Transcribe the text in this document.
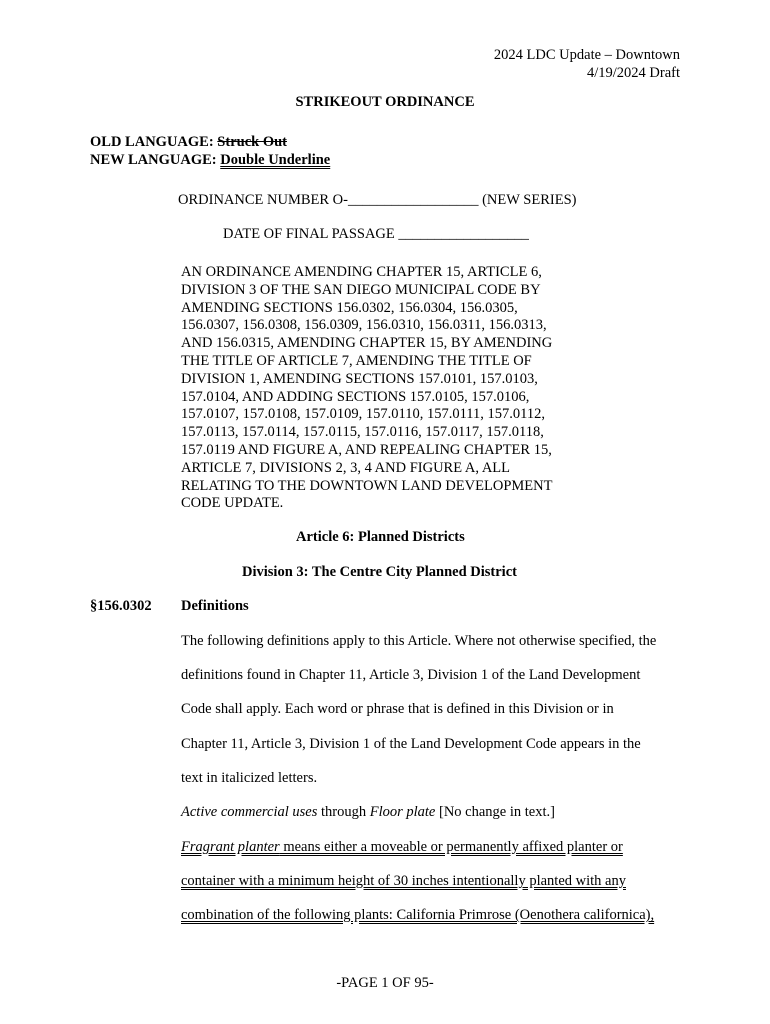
2024 LDC Update – Downtown
4/19/2024 Draft
STRIKEOUT ORDINANCE
OLD LANGUAGE: Struck Out
NEW LANGUAGE: Double Underline
ORDINANCE NUMBER O-__________________ (NEW SERIES)
DATE OF FINAL PASSAGE __________________
AN ORDINANCE AMENDING CHAPTER 15, ARTICLE 6,
DIVISION 3 OF THE SAN DIEGO MUNICIPAL CODE BY
AMENDING SECTIONS 156.0302, 156.0304, 156.0305,
156.0307, 156.0308, 156.0309, 156.0310, 156.0311, 156.0313,
AND 156.0315, AMENDING CHAPTER 15, BY AMENDING
THE TITLE OF ARTICLE 7, AMENDING THE TITLE OF
DIVISION 1, AMENDING SECTIONS 157.0101, 157.0103,
157.0104, AND ADDING SECTIONS 157.0105, 157.0106,
157.0107, 157.0108, 157.0109, 157.0110, 157.0111, 157.0112,
157.0113, 157.0114, 157.0115, 157.0116, 157.0117, 157.0118,
157.0119 AND FIGURE A, AND REPEALING CHAPTER 15,
ARTICLE 7, DIVISIONS 2, 3, 4 AND FIGURE A, ALL
RELATING TO THE DOWNTOWN LAND DEVELOPMENT
CODE UPDATE.
Article 6: Planned Districts
Division 3: The Centre City Planned District
§156.0302 Definitions
The following definitions apply to this Article. Where not otherwise specified, the
definitions found in Chapter 11, Article 3, Division 1 of the Land Development
Code shall apply. Each word or phrase that is defined in this Division or in
Chapter 11, Article 3, Division 1 of the Land Development Code appears in the
text in italicized letters.
Active commercial uses through Floor plate [No change in text.]
Fragrant planter means either a moveable or permanently affixed planter or
container with a minimum height of 30 inches intentionally planted with any
combination of the following plants: California Primrose (Oenothera californica),
-PAGE 1 OF 95-
